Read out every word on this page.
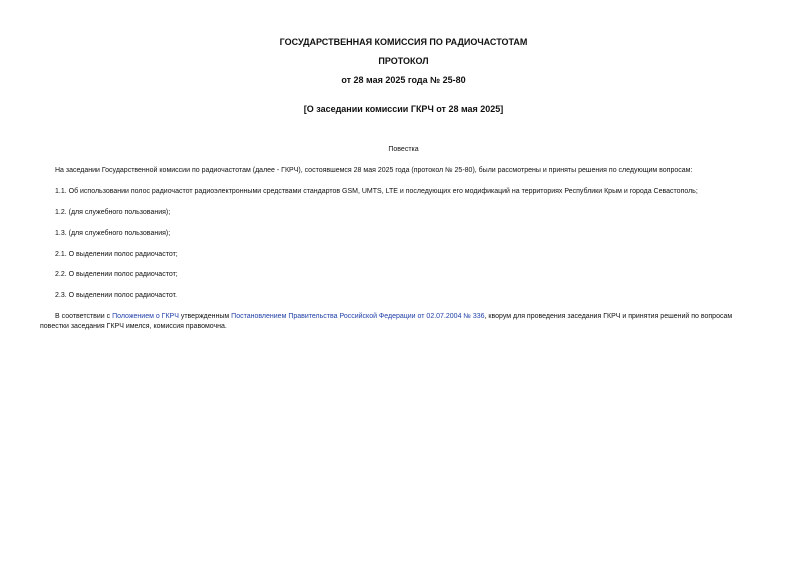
ГОСУДАРСТВЕННАЯ КОМИССИЯ ПО РАДИОЧАСТОТАМ
ПРОТОКОЛ
от 28 мая 2025 года № 25-80
[О заседании комиссии ГКРЧ от 28 мая 2025]
Повестка
На заседании Государственной комиссии по радиочастотам (далее - ГКРЧ), состоявшемся 28 мая 2025 года (протокол № 25-80), были рассмотрены и приняты решения по следующим вопросам:
1.1. Об использовании полос радиочастот радиоэлектронными средствами стандартов GSM, UMTS, LTE и последующих его модификаций на территориях Республики Крым и города Севастополь;
1.2. (для служебного пользования);
1.3. (для служебного пользования);
2.1. О выделении полос радиочастот;
2.2. О выделении полос радиочастот;
2.3. О выделении полос радиочастот.
В соответствии с Положением о ГКРЧ утвержденным Постановлением Правительства Российской Федерации от 02.07.2004 № 336, кворум для проведения заседания ГКРЧ и принятия решений по вопросам
повестки заседания ГКРЧ имелся, комиссия правомочна.
